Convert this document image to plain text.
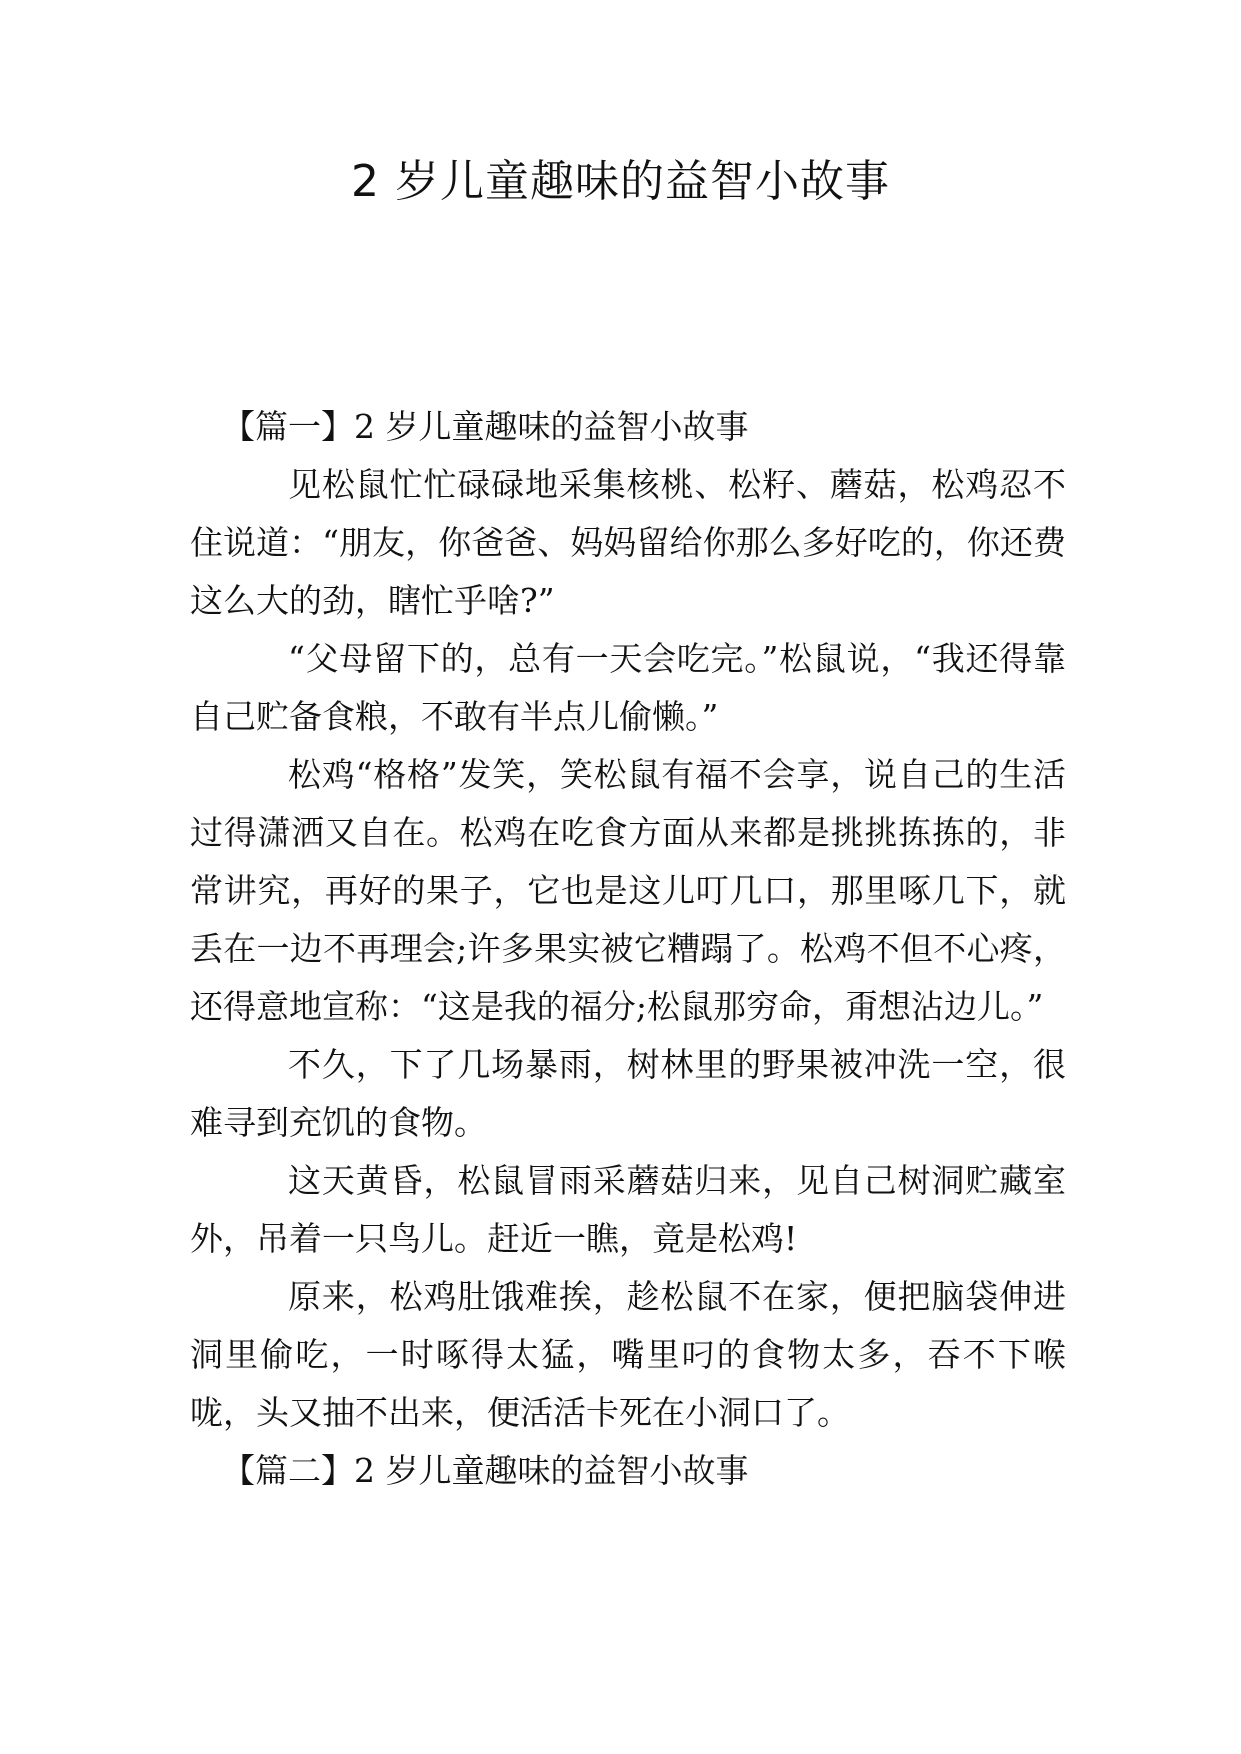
2 岁儿童趣味的益智小故事

【篇一】2 岁儿童趣味的益智小故事

见松鼠忙忙碌碌地采集核桃、松籽、蘑菇，松鸡忍不住说道：“朋友，你爸爸、妈妈留给你那么多好吃的，你还费这么大的劲，瞎忙乎啥?”

“父母留下的，总有一天会吃完。”松鼠说，“我还得靠自己贮备食粮，不敢有半点儿偷懒。”

松鸡“格格”发笑，笑松鼠有福不会享，说自己的生活过得潇洒又自在。松鸡在吃食方面从来都是挑挑拣拣的，非常讲究，再好的果子，它也是这儿叮几口，那里啄几下，就丢在一边不再理会;许多果实被它糟蹋了。松鸡不但不心疼，还得意地宣称：“这是我的福分;松鼠那穷命，甭想沾边儿。”

不久，下了几场暴雨，树林里的野果被冲洗一空，很难寻到充饥的食物。

这天黄昏，松鼠冒雨采蘑菇归来，见自己树洞贮藏室外，吊着一只鸟儿。赶近一瞧，竟是松鸡!

原来，松鸡肚饿难挨，趁松鼠不在家，便把脑袋伸进洞里偷吃，一时啄得太猛，嘴里叼的食物太多，吞不下喉咙，头又抽不出来，便活活卡死在小洞口了。

【篇二】2 岁儿童趣味的益智小故事
